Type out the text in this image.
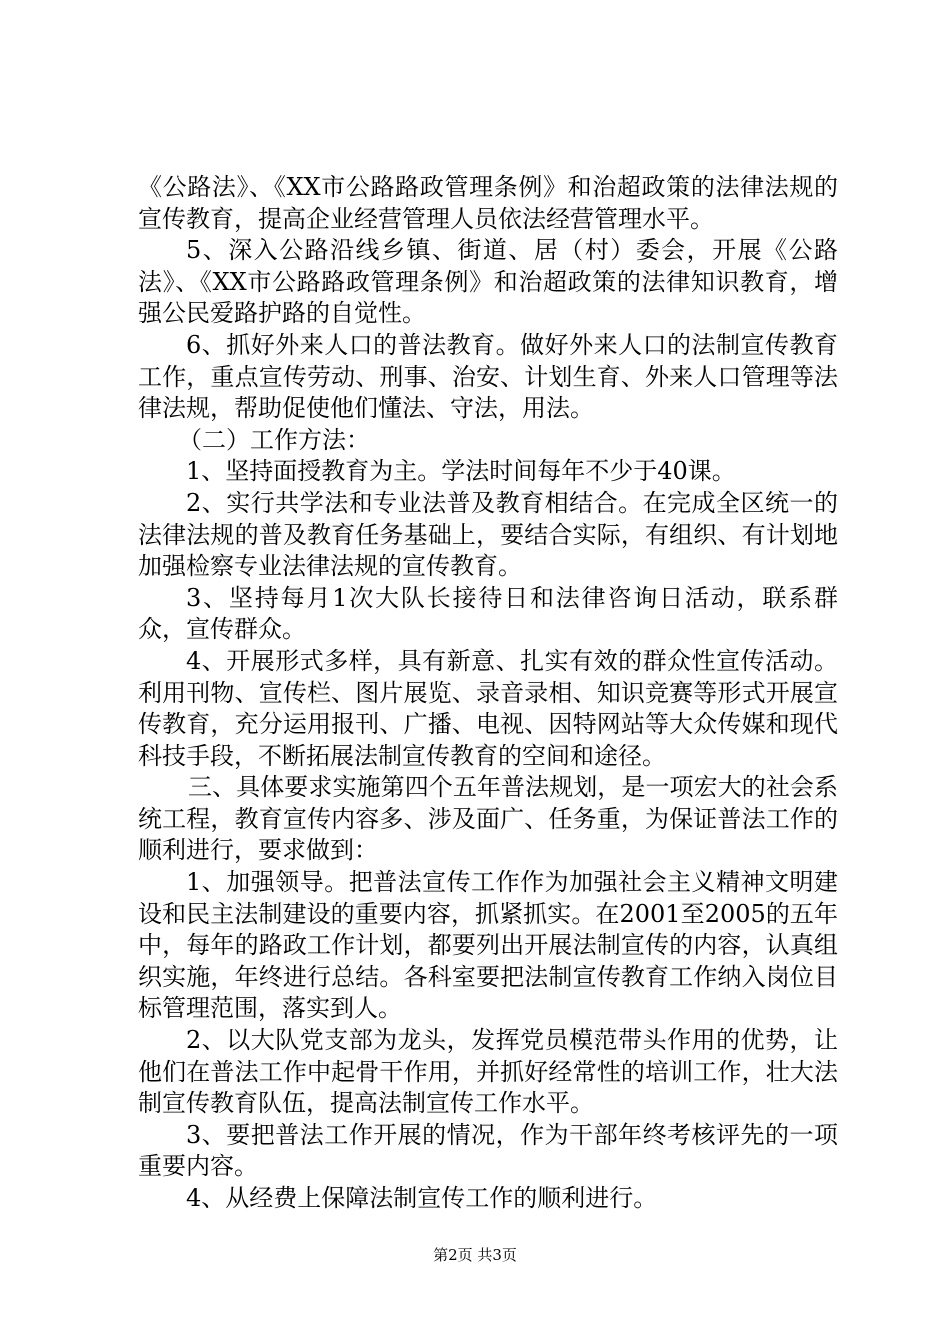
《公路法》、《XX市公路路政管理条例》和治超政策的法律法规的宣传教育，提高企业经营管理人员依法经营管理水平。

5、深入公路沿线乡镇、街道、居（村）委会，开展《公路法》、《XX市公路路政管理条例》和治超政策的法律知识教育，增强公民爱路护路的自觉性。

6、抓好外来人口的普法教育。做好外来人口的法制宣传教育工作，重点宣传劳动、刑事、治安、计划生育、外来人口管理等法律法规，帮助促使他们懂法、守法，用法。

（二）工作方法：

1、坚持面授教育为主。学法时间每年不少于40课。

2、实行共学法和专业法普及教育相结合。在完成全区统一的法律法规的普及教育任务基础上，要结合实际，有组织、有计划地加强检察专业法律法规的宣传教育。

3、坚持每月1次大队长接待日和法律咨询日活动，联系群众，宣传群众。

4、开展形式多样，具有新意、扎实有效的群众性宣传活动。利用刊物、宣传栏、图片展览、录音录相、知识竞赛等形式开展宣传教育，充分运用报刊、广播、电视、因特网站等大众传媒和现代科技手段，不断拓展法制宣传教育的空间和途径。

三、具体要求实施第四个五年普法规划，是一项宏大的社会系统工程，教育宣传内容多、涉及面广、任务重，为保证普法工作的顺利进行，要求做到：

1、加强领导。把普法宣传工作作为加强社会主义精神文明建设和民主法制建设的重要内容，抓紧抓实。在2001至2005的五年中，每年的路政工作计划，都要列出开展法制宣传的内容，认真组织实施，年终进行总结。各科室要把法制宣传教育工作纳入岗位目标管理范围，落实到人。

2、以大队党支部为龙头，发挥党员模范带头作用的优势，让他们在普法工作中起骨干作用，并抓好经常性的培训工作，壮大法制宣传教育队伍，提高法制宣传工作水平。

3、要把普法工作开展的情况，作为干部年终考核评先的一项重要内容。

4、从经费上保障法制宣传工作的顺利进行。

第2页 共3页
